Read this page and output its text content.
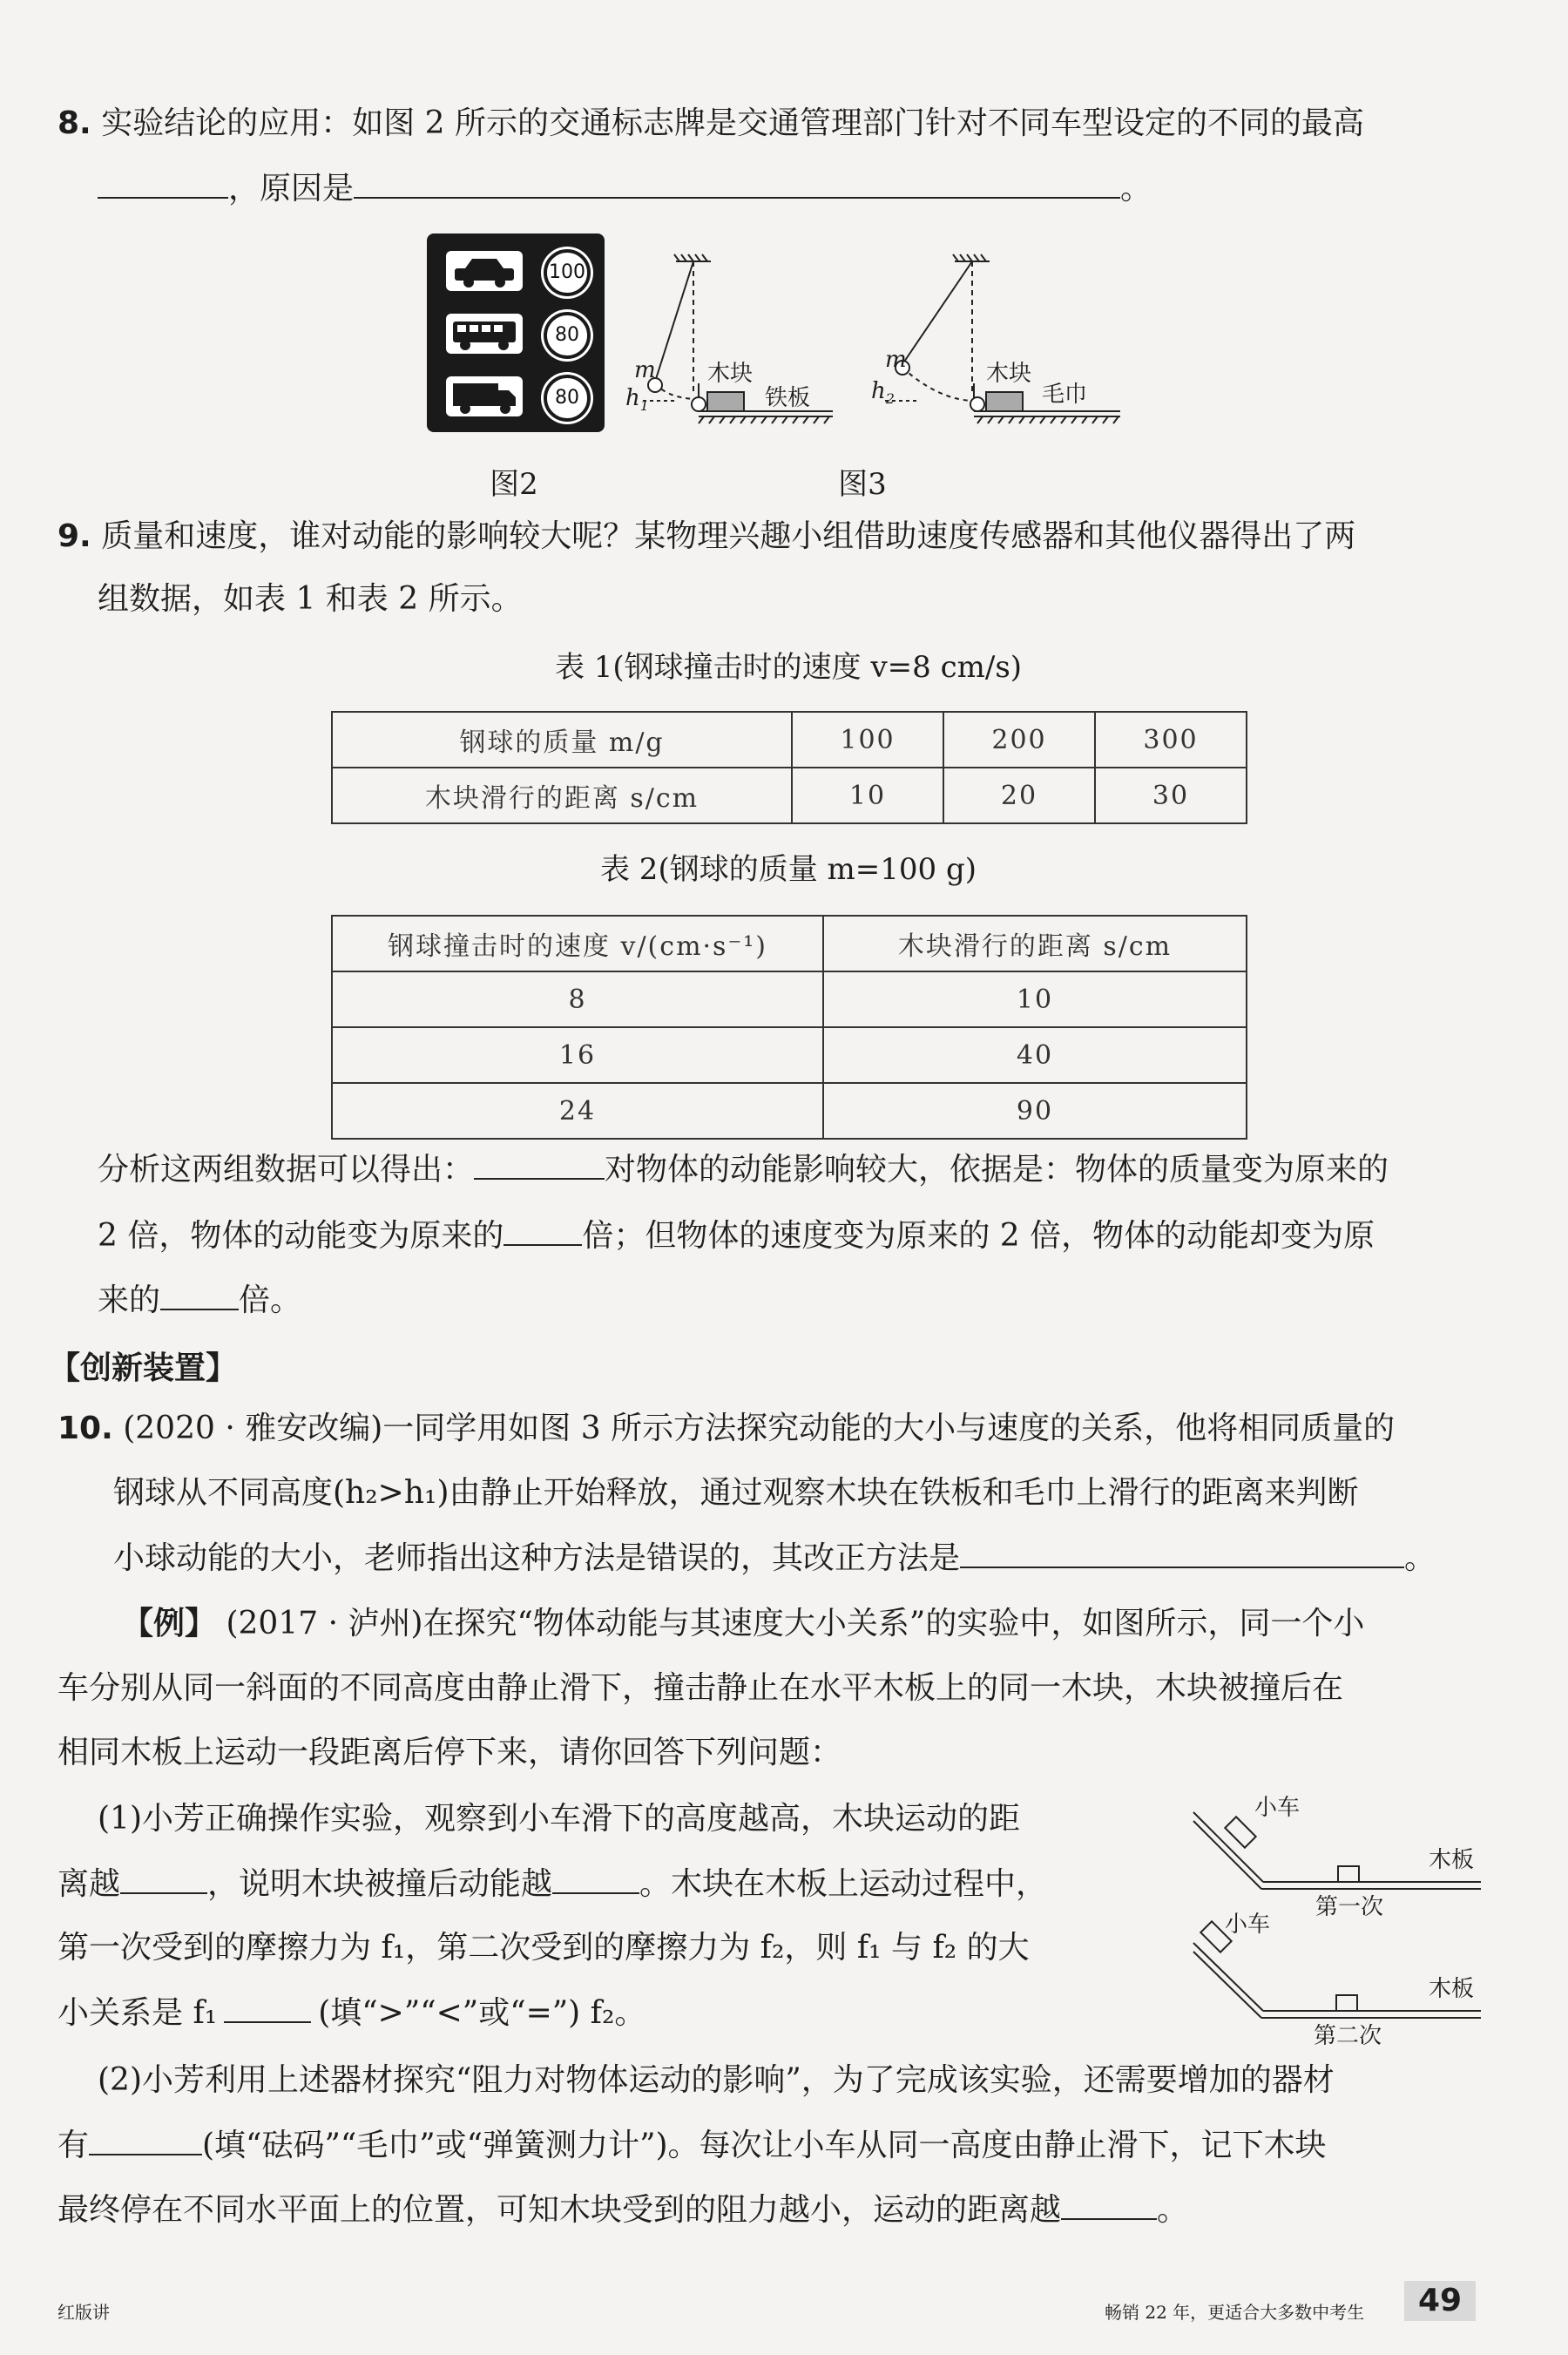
8. 实验结论的应用：如图 2 所示的交通标志牌是交通管理部门针对不同车型设定的不同的最高
，原因是	。
100
80
80
图2
m
$h_1$
木块
铁板
m
$h_2$
木块
毛巾
图3
9. 质量和速度，谁对动能的影响较大呢？某物理兴趣小组借助速度传感器和其他仪器得出了两
组数据，如表 1 和表 2 所示。
表 1(钢球撞击时的速度 v=8 cm/s)
钢球的质量 m/g	100	200	300
木块滑行的距离 s/cm	10	20	30
表 2(钢球的质量 m=100 g)
钢球撞击时的速度 v/(cm·s⁻¹)	木块滑行的距离 s/cm
8	10
16	40
24	90
分析这两组数据可以得出：	对物体的动能影响较大，依据是：物体的质量变为原来的
2 倍，物体的动能变为原来的	倍；但物体的速度变为原来的 2 倍，物体的动能却变为原
来的	倍。
【创新装置】
10. (2020 · 雅安改编)一同学用如图 3 所示方法探究动能的大小与速度的关系，他将相同质量的
钢球从不同高度(h₂>h₁)由静止开始释放，通过观察木块在铁板和毛巾上滑行的距离来判断
小球动能的大小，老师指出这种方法是错误的，其改正方法是	。
【例】 (2017 · 泸州)在探究“物体动能与其速度大小关系”的实验中，如图所示，同一个小
车分别从同一斜面的不同高度由静止滑下，撞击静止在水平木板上的同一木块，木块被撞后在
相同木板上运动一段距离后停下来，请你回答下列问题：
(1)小芳正确操作实验，观察到小车滑下的高度越高，木块运动的距
离越	，说明木块被撞后动能越	。木块在木板上运动过程中，
第一次受到的摩擦力为 f₁，第二次受到的摩擦力为 f₂，则 f₁ 与 f₂ 的大
小关系是 f₁	(填“>”“<”或“=”) f₂。
小车
木板
第一次
小车
木板
第二次
(2)小芳利用上述器材探究“阻力对物体运动的影响”，为了完成该实验，还需要增加的器材
有	(填“砝码”“毛巾”或“弹簧测力计”)。每次让小车从同一高度由静止滑下，记下木块
最终停在不同水平面上的位置，可知木块受到的阻力越小，运动的距离越	。
红版讲	畅销 22 年，更适合大多数中考生	49
